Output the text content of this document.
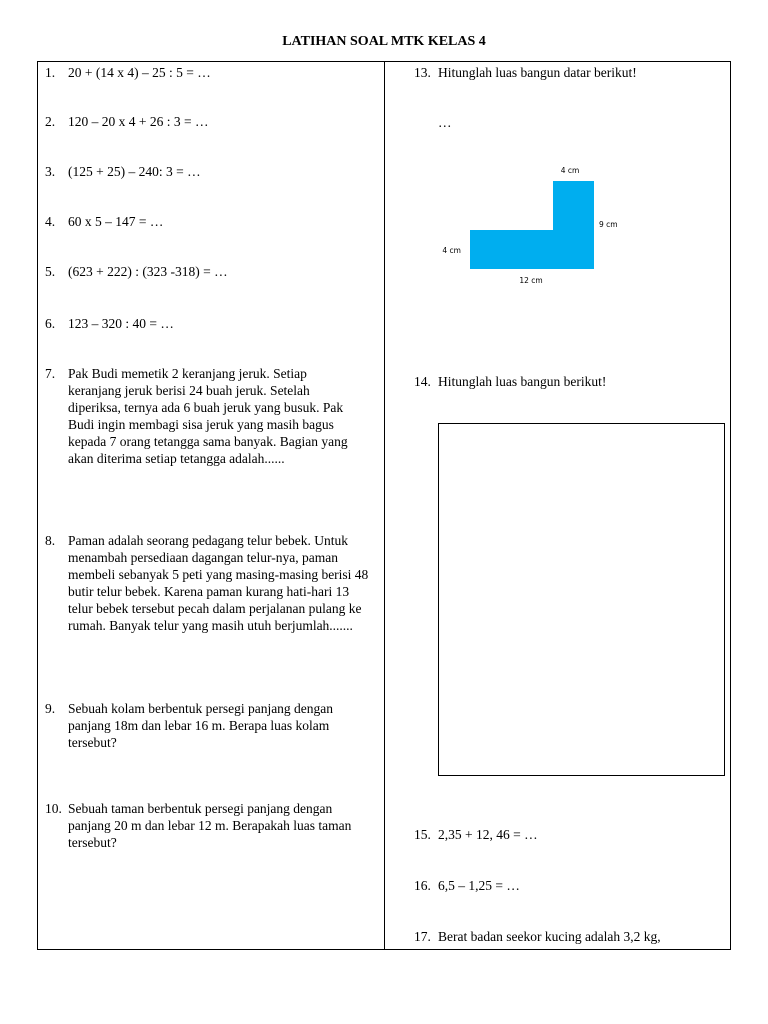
LATIHAN SOAL MTK KELAS 4
1. 20 + (14 x 4) – 25 : 5 = …
2. 120 – 20 x 4 + 26 : 3 = …
3. (125 + 25) – 240: 3 = …
4. 60 x 5 – 147 = …
5. (623 + 222) : (323 -318) = …
6. 123 – 320 : 40 = …
7. Pak Budi memetik 2 keranjang jeruk. Setiap keranjang jeruk berisi 24 buah jeruk. Setelah diperiksa, ternya ada 6 buah jeruk yang busuk. Pak Budi ingin membagi sisa jeruk yang masih bagus kepada 7 orang tetangga sama banyak. Bagian yang akan diterima setiap tetangga adalah......
8. Paman adalah seorang pedagang telur bebek. Untuk menambah persediaan dagangan telur-nya, paman membeli sebanyak 5 peti yang masing-masing berisi 48 butir telur bebek. Karena paman kurang hati-hari 13 telur bebek tersebut pecah dalam perjalanan pulang ke rumah. Banyak telur yang masih utuh berjumlah.......
9. Sebuah kolam berbentuk persegi panjang dengan panjang 18m dan lebar 16 m. Berapa luas kolam tersebut?
10. Sebuah taman berbentuk persegi panjang dengan panjang 20 m dan lebar 12 m. Berapakah luas taman tersebut?
13. Hitunglah luas bangun datar berikut!
…
4 cm
9 cm
4 cm
12 cm
14. Hitunglah luas bangun berikut!
15. 2,35 + 12, 46 = …
16. 6,5 – 1,25 = …
17. Berat badan seekor kucing adalah 3,2 kg,
